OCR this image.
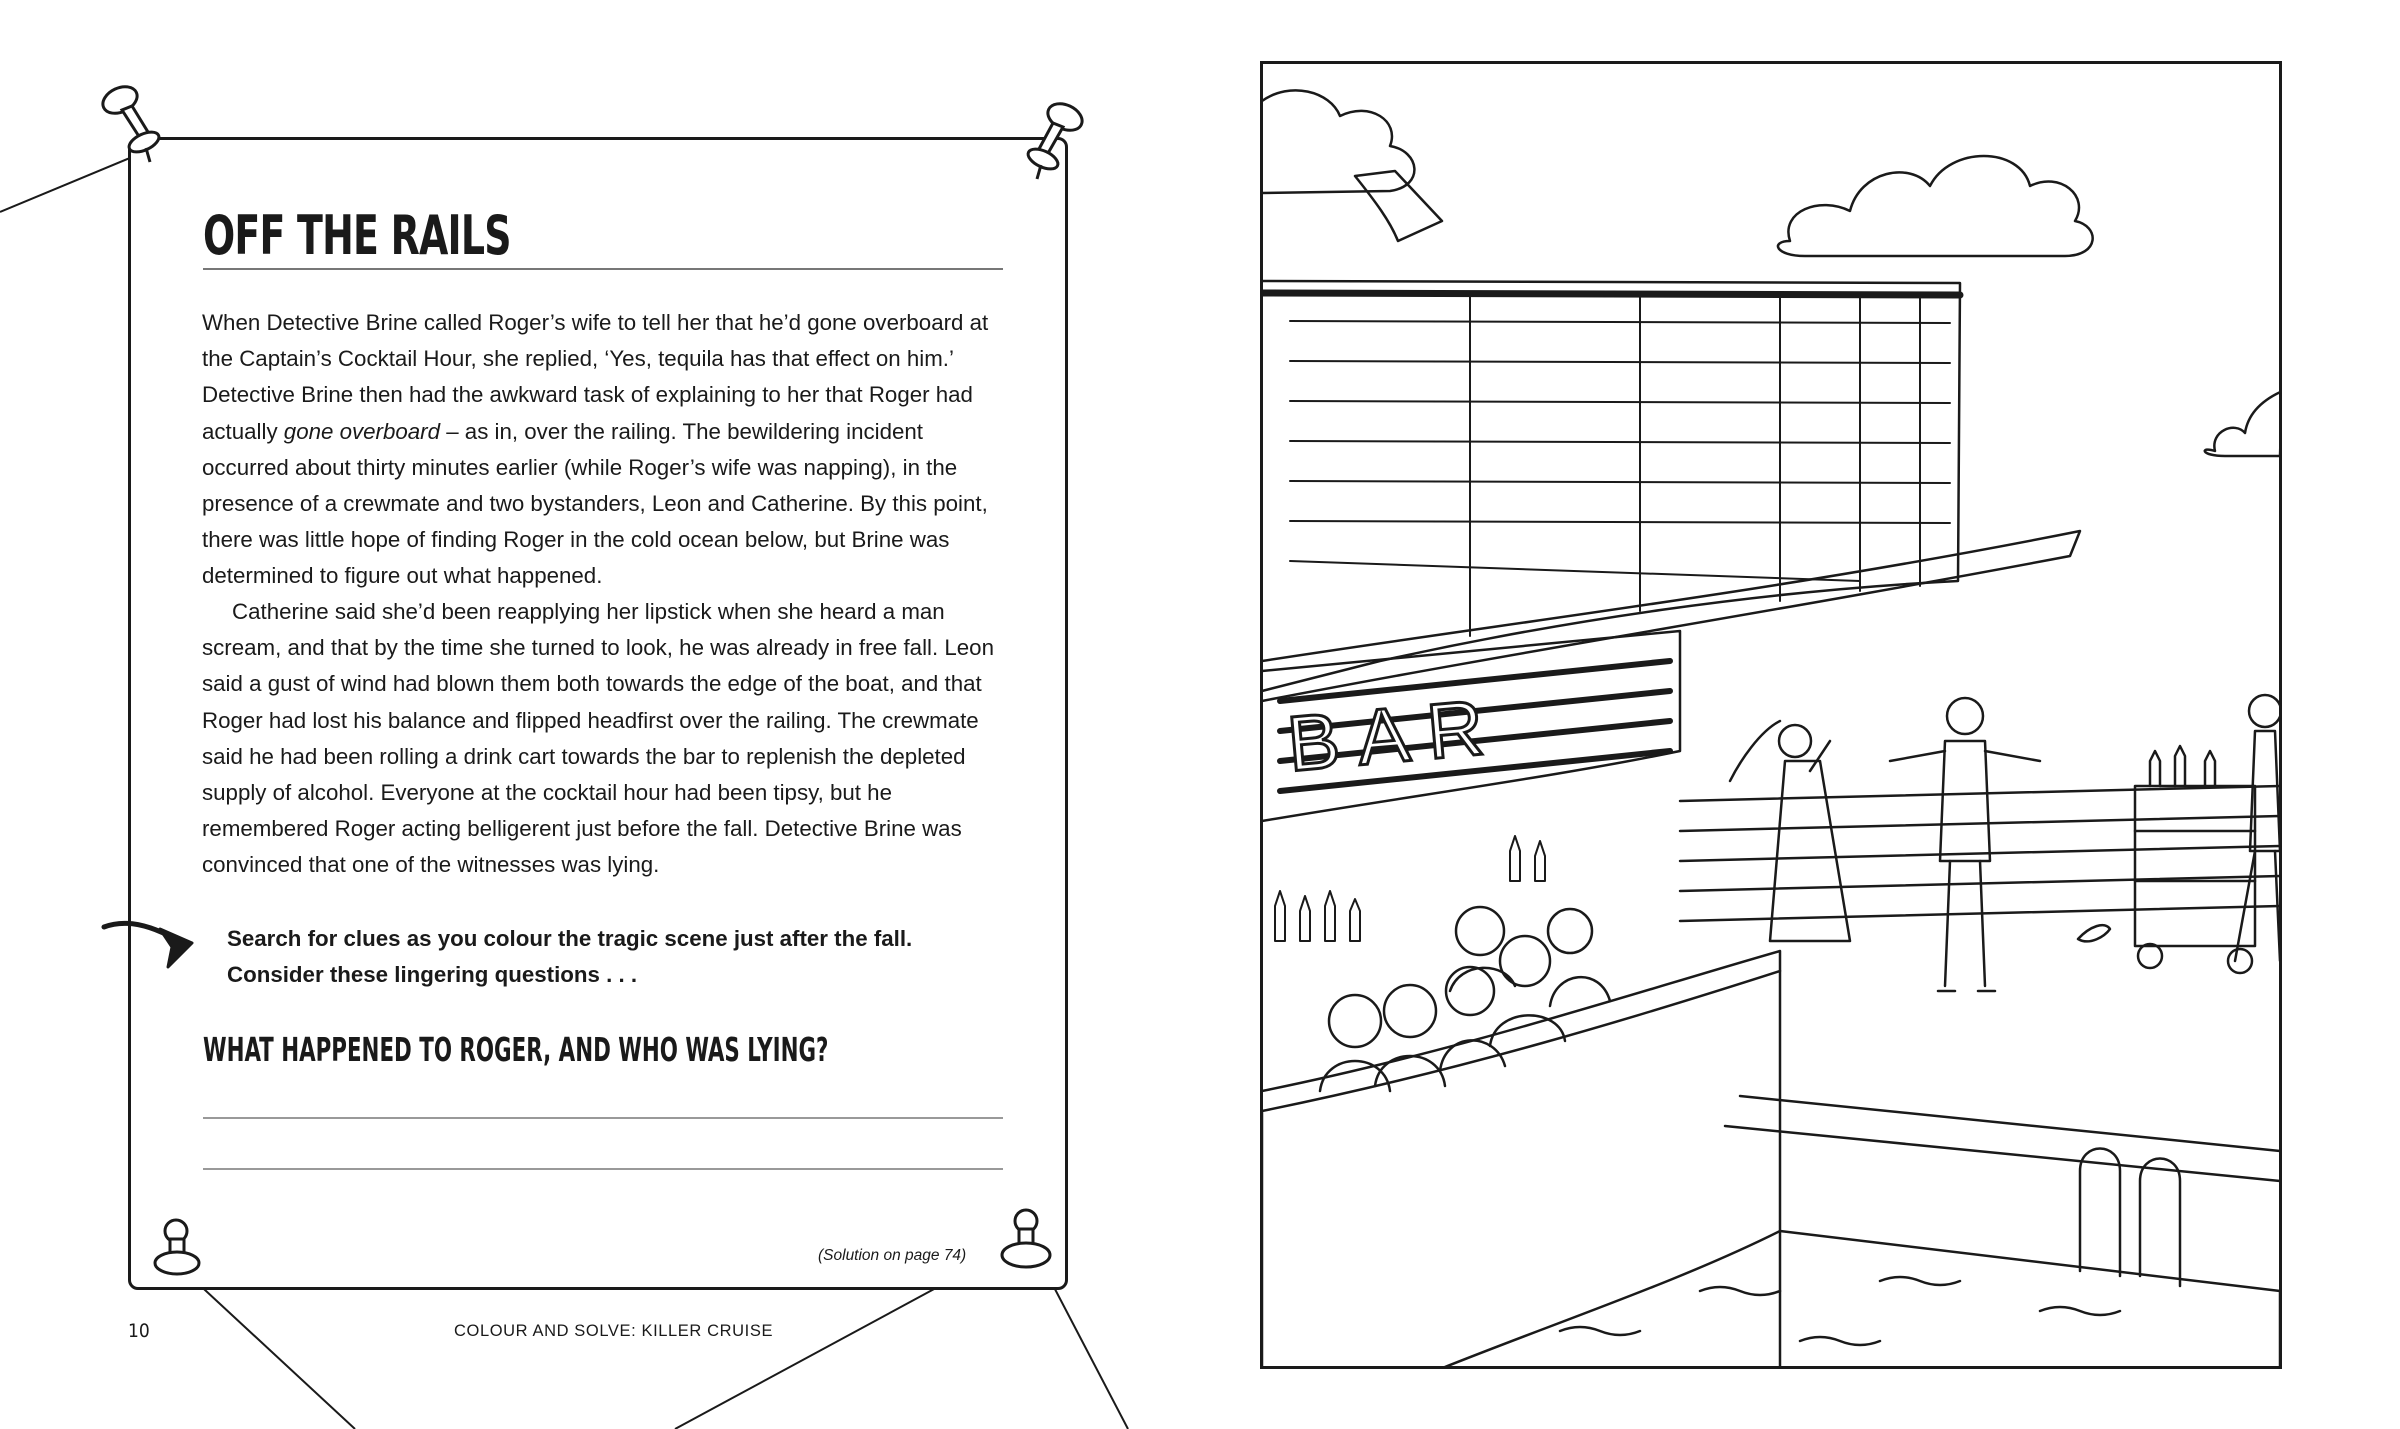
OFF THE RAILS
When Detective Brine called Roger’s wife to tell her that he’d gone overboard at the Captain’s Cocktail Hour, she replied, ‘Yes, tequila has that effect on him.’ Detective Brine then had the awkward task of explaining to her that Roger had actually gone overboard – as in, over the railing. The bewildering incident occurred about thirty minutes earlier (while Roger’s wife was napping), in the presence of a crewmate and two bystanders, Leon and Catherine. By this point, there was little hope of finding Roger in the cold ocean below, but Brine was determined to figure out what happened.
Catherine said she’d been reapplying her lipstick when she heard a man scream, and that by the time she turned to look, he was already in free fall. Leon said a gust of wind had blown them both towards the edge of the boat, and that Roger had lost his balance and flipped headfirst over the railing. The crewmate said he had been rolling a drink cart towards the bar to replenish the depleted supply of alcohol. Everyone at the cocktail hour had been tipsy, but he remembered Roger acting belligerent just before the fall. Detective Brine was convinced that one of the witnesses was lying.
Search for clues as you colour the tragic scene just after the fall. Consider these lingering questions . . .
WHAT HAPPENED TO ROGER, AND WHO WAS LYING?
(Solution on page 74)
10	COLOUR AND SOLVE: KILLER CRUISE
BAR
